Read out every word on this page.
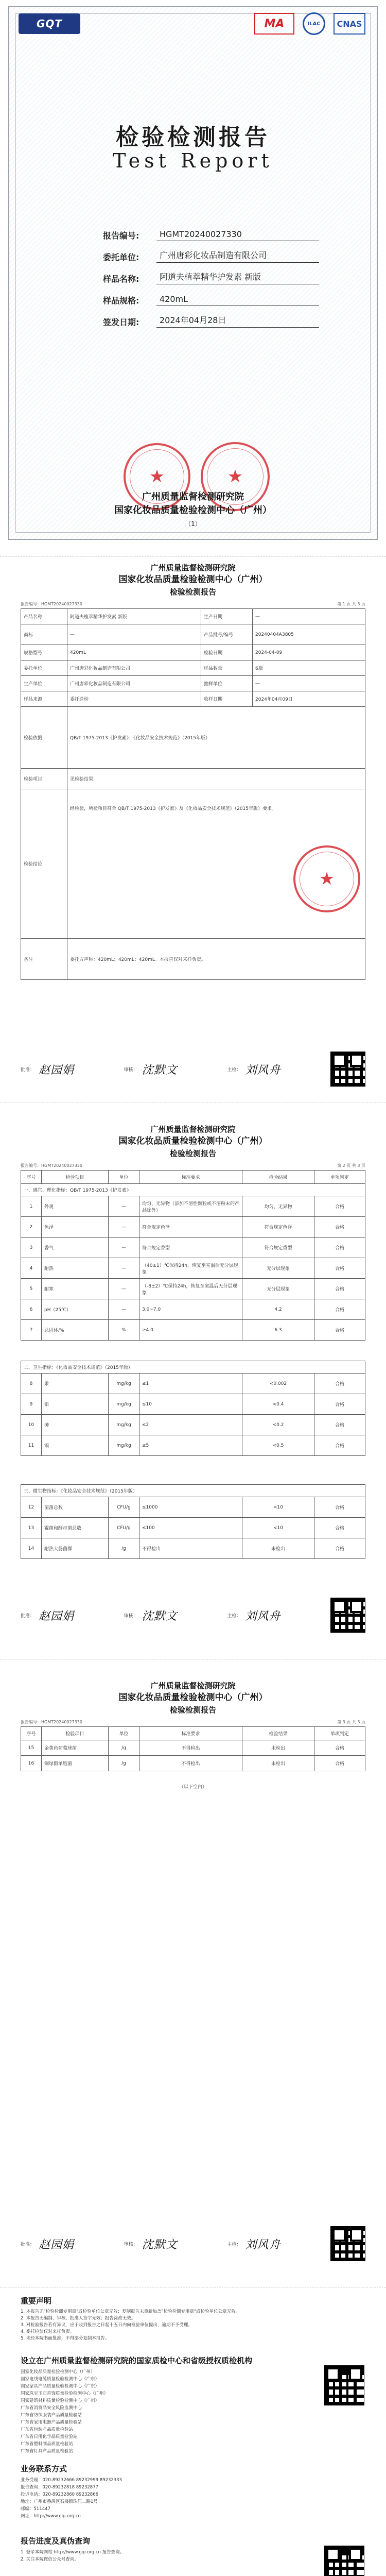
GQT	MA	ILAC	CNAS
检验检测报告
Test Report
报告编号:	HGMT20240027330
委托单位:	广州唐彩化妆品制造有限公司
样品名称:	阿道夫植萃精华护发素 新版
样品规格:	420mL
签发日期:	2024年04月28日
★	★
广州质量监督检测研究院
国家化妆品质量检验检测中心（广州）
（1）
广州质量监督检测研究院
国家化妆品质量检验检测中心（广州）
检验检测报告
报告编号：HGMT20240027330	第 1 页 共 3 页
产品名称	阿道夫植萃精华护发素 新版	生产日期	—
商标	—	产品批号/编号	20240404A3805
规格型号	420mL	检验日期	2024-04-09
委托单位	广州唐彩化妆品制造有限公司	样品数量	6瓶
生产单位	广州唐彩化妆品制造有限公司	抽样单位	—
样品来源	委托送检	收样日期	2024年04月09日
检验依据	QB/T 1975-2013《护发素》；《化妆品安全技术规范》（2015年版）		
检验项目	见检验结果		
检验结论	经检验，所检项目符合 QB/T 1975-2013《护发素》及《化妆品安全技术规范》（2015年版）要求。		
备注	委托方声称：420mL；420mL；420mL。本报告仅对来样负责。		
★
批准： 赵园娟	审核： 沈默文	主检： 刘风舟
广州质量监督检测研究院
国家化妆品质量检验检测中心（广州）
检验检测报告
报告编号：HGMT20240027330	第 2 页 共 3 页
序号	检验项目	单位	标准要求	检验结果	单项判定
一、感官、理化指标：QB/T 1975-2013《护发素》
1	外观	—	均匀、无异物（添加不溶性颗粒或不溶粉末的产品除外）	均匀、无异物	合格
2	色泽	—	符合规定色泽	符合规定色泽	合格
3	香气	—	符合规定香型	符合规定香型	合格
4	耐热	—	（40±1）℃保持24h，恢复至室温后无分层现象	无分层现象	合格
5	耐寒	—	（-8±2）℃保持24h，恢复至室温后无分层现象	无分层现象	合格
6	pH（25℃）	—	3.0~7.0	4.2	合格
7	总固体/%	%	≥4.0	6.3	合格
二、卫生指标：《化妆品安全技术规范》（2015年版）					
8	汞	mg/kg	≤1	<0.002	合格
9	铅	mg/kg	≤10	<0.4	合格
10	砷	mg/kg	≤2	<0.2	合格
11	镉	mg/kg	≤5	<0.5	合格
三、微生物指标：《化妆品安全技术规范》（2015年版）					
12	菌落总数	CFU/g	≤1000	<10	合格
13	霉菌和酵母菌总数	CFU/g	≤100	<10	合格
14	耐热大肠菌群	/g	不得检出	未检出	合格
批准： 赵园娟	审核： 沈默文	主检： 刘风舟
广州质量监督检测研究院
国家化妆品质量检验检测中心（广州）
检验检测报告
报告编号：HGMT20240027330	第 3 页 共 3 页
序号	检验项目	单位	标准要求	检验结果	单项判定
15	金黄色葡萄球菌	/g	不得检出	未检出	合格
16	铜绿假单胞菌	/g	不得检出	未检出	合格
（以下空白）
批准： 赵园娟	审核： 沈默文	主检： 刘风舟
重要声明
1. 本报告无"检验检测专用章"或检验单位公章无效；复制报告未重新加盖"检验检测专用章"或检验单位公章无效。
2. 本报告无编制、审核、批准人签字无效；报告涂改无效。
3. 对检验报告若有异议，应于收到报告之日起十五日内向检验单位提出，逾期不予受理。
4. 委托检验仅对来样负责。
5. 未经本院书面批准，不得部分复制本报告。
设立在广州质量监督检测研究院的国家质检中心和省级授权质检机构
国家化妆品质量检验检测中心（广州）
国家电线电缆质量检验检测中心（广东）
国家家具产品质量检验检测中心（广东）
国家珠宝玉石首饰质量检验检测中心（广州）
国家建筑材料质量检验检测中心（广州）
广东省消费品安全风险监测中心
广东省纺织服装产品质量检验站
广东省家用电器产品质量检验站
广东省包装产品质量检验站
广东省日用化学品质量检验站
广东省塑料制品质量检验站
广东省灯具产品质量检验站
业务联系方式
业务受理：020-89232666 89232999 89232333
报告查询：020-89232818 89232877
投诉电话：020-89232860 89232866
地址：广州市番禺区石楼镇珠江二路1号
邮编：511447
网址：http://www.gqi.org.cn
报告进度及真伪查询
1. 登录本院网站 http://www.gqi.org.cn 报告查询。
2. 关注本院微信公众号查询。
